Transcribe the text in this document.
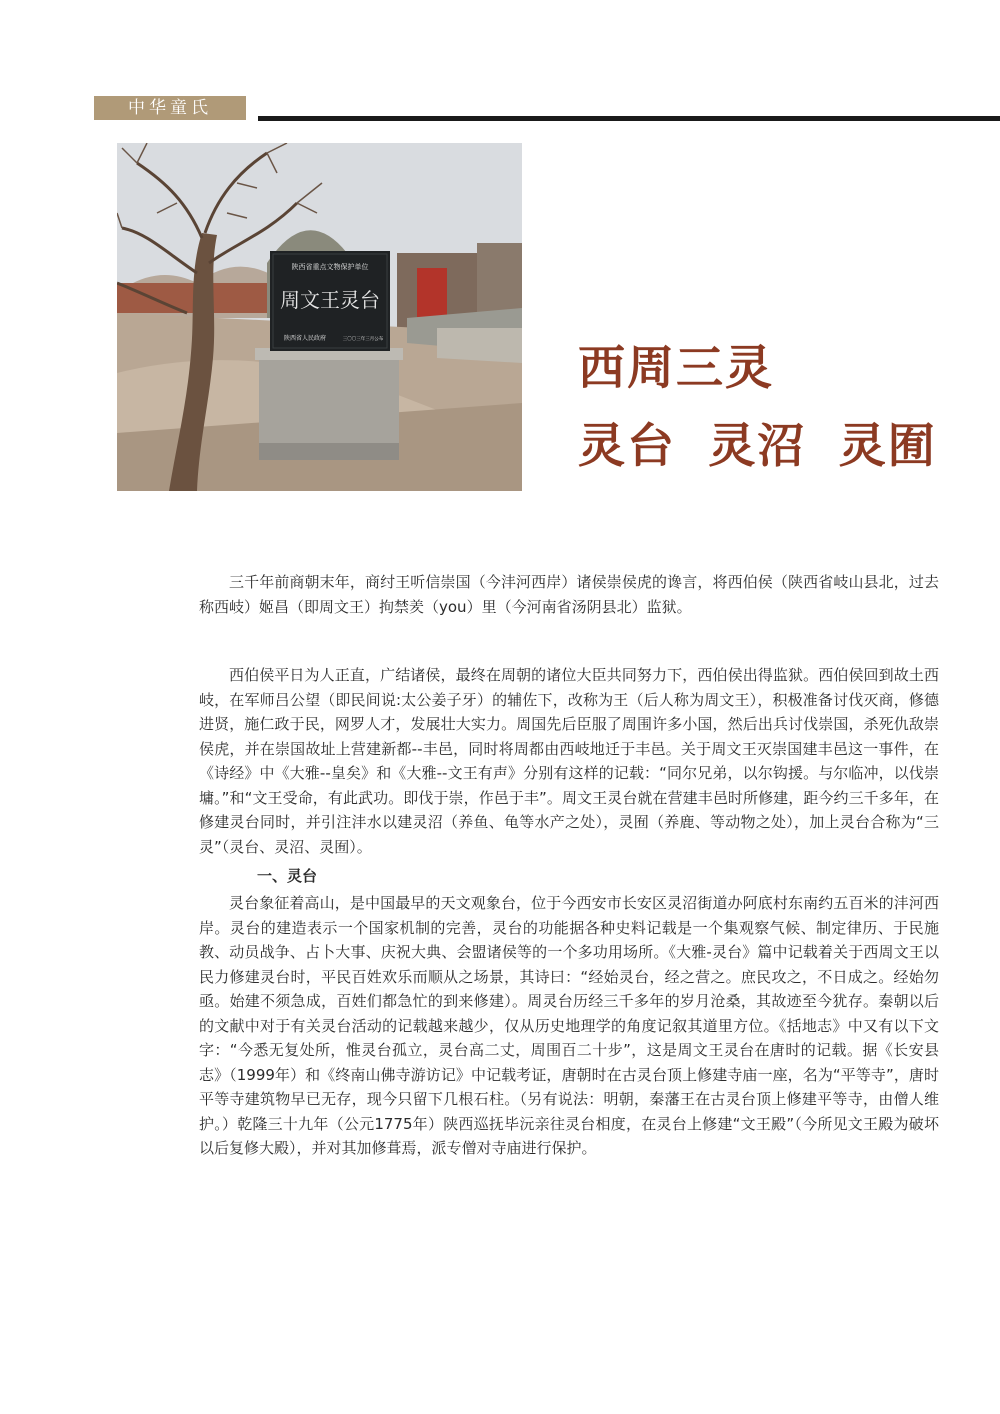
中华童氏
陕西省重点文物保护单位
周文王灵台
陕西省人民政府	三〇〇三年三月公布
西周三灵
灵台 灵沼 灵囿

三千年前商朝末年，商纣王听信崇国（今沣河西岸）诸侯崇侯虎的谗言，将西伯侯（陕西省岐山县北，过去称西岐）姬昌（即周文王）拘禁羑（you）里（今河南省汤阴县北）监狱。

西伯侯平日为人正直，广结诸侯，最终在周朝的诸位大臣共同努力下，西伯侯出得监狱。西伯侯回到故土西岐，在军师吕公望（即民间说:太公姜子牙）的辅佐下，改称为王（后人称为周文王），积极准备讨伐灭商，修德进贤，施仁政于民，网罗人才，发展壮大实力。周国先后臣服了周围许多小国，然后出兵讨伐崇国，杀死仇敌崇侯虎，并在崇国故址上营建新都--丰邑，同时将周都由西岐地迁于丰邑。关于周文王灭崇国建丰邑这一事件，在《诗经》中《大雅--皇矣》和《大雅--文王有声》分别有这样的记载：“同尔兄弟，以尔钩援。与尔临冲，以伐崇墉。”和“文王受命，有此武功。即伐于崇，作邑于丰”。周文王灵台就在营建丰邑时所修建，距今约三千多年，在修建灵台同时，并引注沣水以建灵沼（养鱼、龟等水产之处），灵囿（养鹿、等动物之处），加上灵台合称为“三灵”（灵台、灵沼、灵囿）。

一、灵台

灵台象征着高山，是中国最早的天文观象台，位于今西安市长安区灵沼街道办阿底村东南约五百米的沣河西岸。灵台的建造表示一个国家机制的完善，灵台的功能据各种史料记载是一个集观察气候、制定律历、于民施教、动员战争、占卜大事、庆祝大典、会盟诸侯等的一个多功用场所。《大雅-灵台》篇中记载着关于西周文王以民力修建灵台时，平民百姓欢乐而顺从之场景，其诗曰：“经始灵台，经之营之。庶民攻之，不日成之。经始勿亟。始建不须急成，百姓们都急忙的到来修建）。周灵台历经三千多年的岁月沧桑，其故迹至今犹存。秦朝以后的文献中对于有关灵台活动的记载越来越少，仅从历史地理学的角度记叙其道里方位。《括地志》中又有以下文字：“今悉无复处所，惟灵台孤立，灵台高二丈，周围百二十步”，这是周文王灵台在唐时的记载。据《长安县志》（1999年）和《终南山佛寺游访记》中记载考证，唐朝时在古灵台顶上修建寺庙一座，名为“平等寺”，唐时平等寺建筑物早已无存，现今只留下几根石柱。（另有说法：明朝，秦藩王在古灵台顶上修建平等寺，由僧人维护。）乾隆三十九年（公元1775年）陕西巡抚毕沅亲往灵台相度，在灵台上修建“文王殿”（今所见文王殿为破坏以后复修大殿），并对其加修葺焉，派专僧对寺庙进行保护。
